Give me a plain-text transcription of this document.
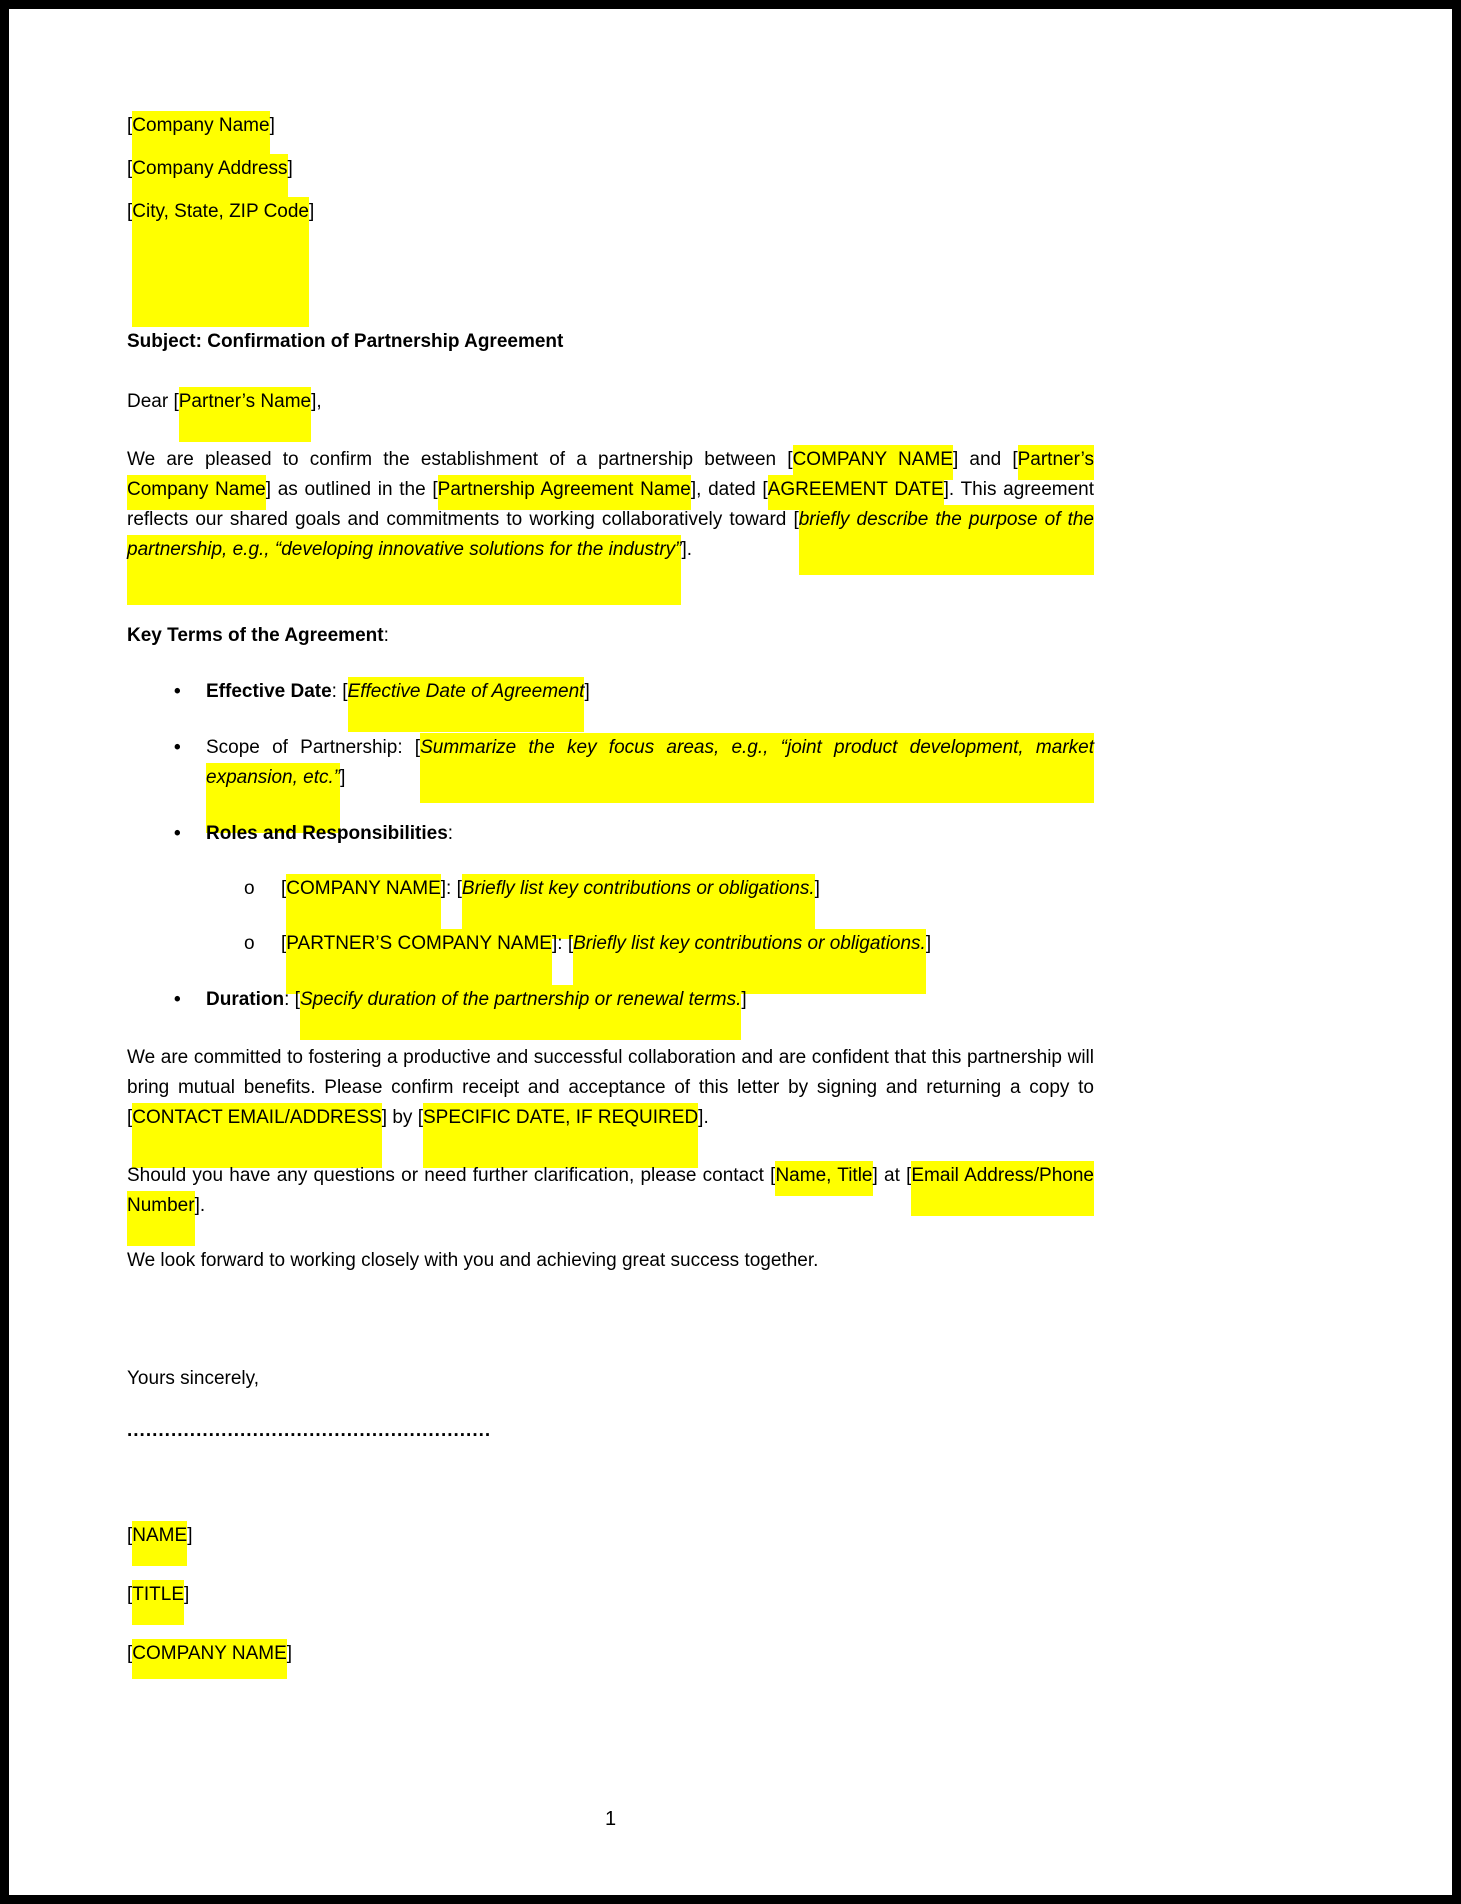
[Company Name]

[Company Address]

[City, State, ZIP Code]

Subject: Confirmation of Partnership Agreement

Dear [Partner’s Name],

We are pleased to confirm the establishment of a partnership between [COMPANY NAME] and [Partner’s Company Name] as outlined in the [Partnership Agreement Name], dated [AGREEMENT DATE]. This agreement reflects our shared goals and commitments to working collaboratively toward [briefly describe the purpose of the partnership, e.g., “developing innovative solutions for the industry”].

Key Terms of the Agreement:

•	Effective Date: [Effective Date of Agreement]
•	Scope of Partnership: [Summarize the key focus areas, e.g., “joint product development, market expansion, etc.”]
•	Roles and Responsibilities:
o	[COMPANY NAME]: [Briefly list key contributions or obligations.]
o	[PARTNER’S COMPANY NAME]: [Briefly list key contributions or obligations.]
•	Duration: [Specify duration of the partnership or renewal terms.]

We are committed to fostering a productive and successful collaboration and are confident that this partnership will bring mutual benefits. Please confirm receipt and acceptance of this letter by signing and returning a copy to [CONTACT EMAIL/ADDRESS] by [SPECIFIC DATE, IF REQUIRED].

Should you have any questions or need further clarification, please contact [Name, Title] at [Email Address/Phone Number].

We look forward to working closely with you and achieving great success together.

Yours sincerely,

..........................................................

[NAME]

[TITLE]

[COMPANY NAME]

1
